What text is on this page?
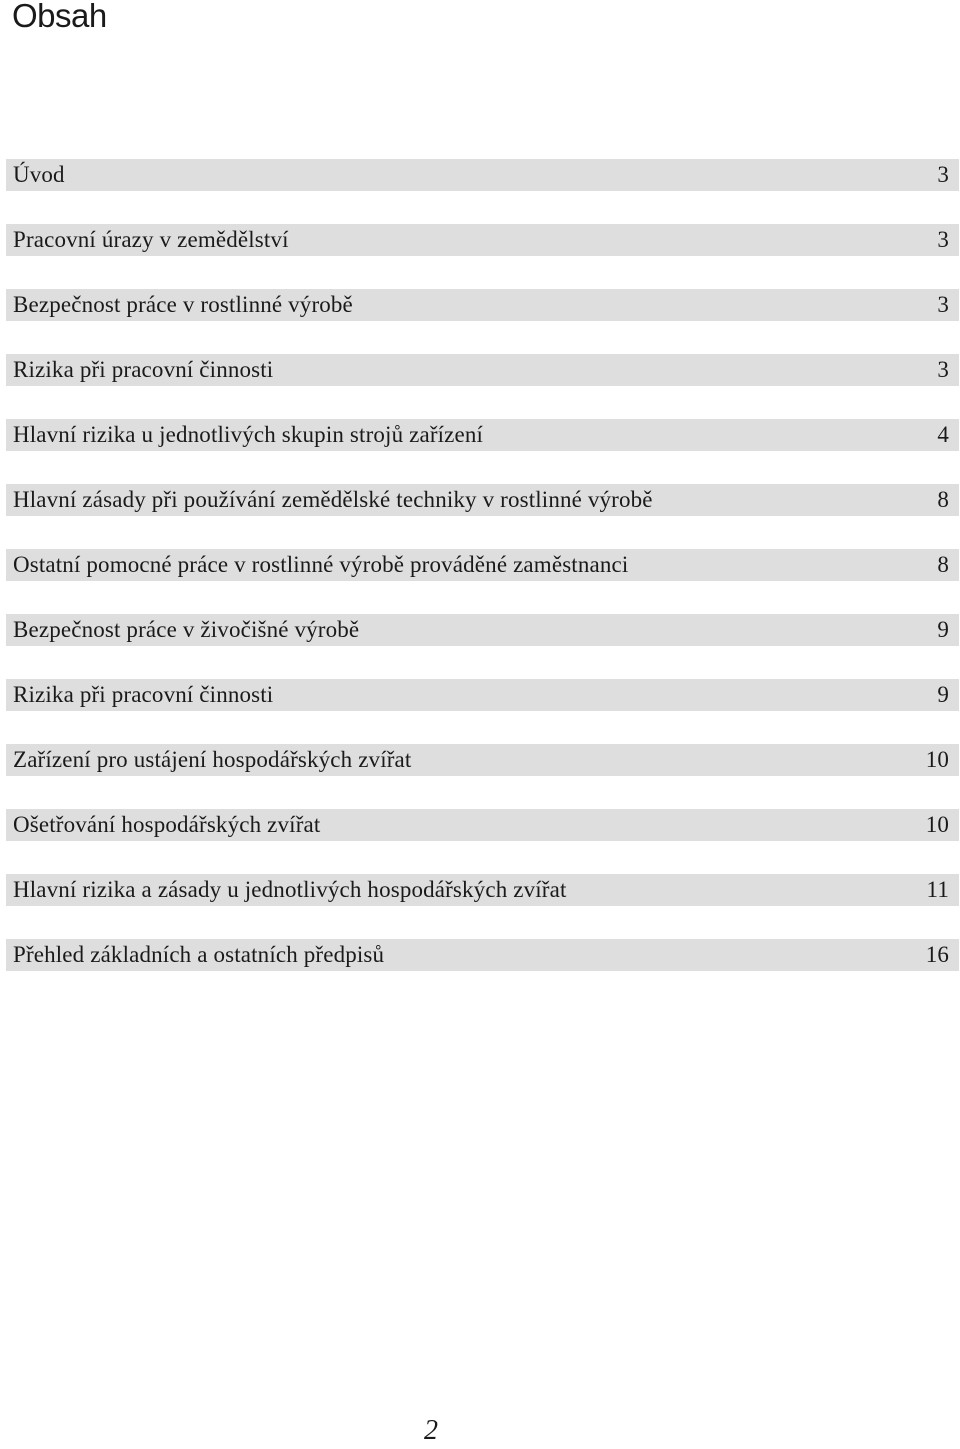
Obsah
Úvod	3
Pracovní úrazy v zemědělství	3
Bezpečnost práce v rostlinné výrobě	3
Rizika při pracovní činnosti	3
Hlavní rizika u jednotlivých skupin strojů zařízení	4
Hlavní zásady při používání zemědělské techniky v rostlinné výrobě	8
Ostatní pomocné práce v rostlinné výrobě prováděné zaměstnanci	8
Bezpečnost práce v živočišné výrobě	9
Rizika při pracovní činnosti	9
Zařízení pro ustájení hospodářských zvířat	10
Ošetřování hospodářských zvířat	10
Hlavní rizika a zásady u jednotlivých hospodářských zvířat	11
Přehled základních a ostatních předpisů	16
2
